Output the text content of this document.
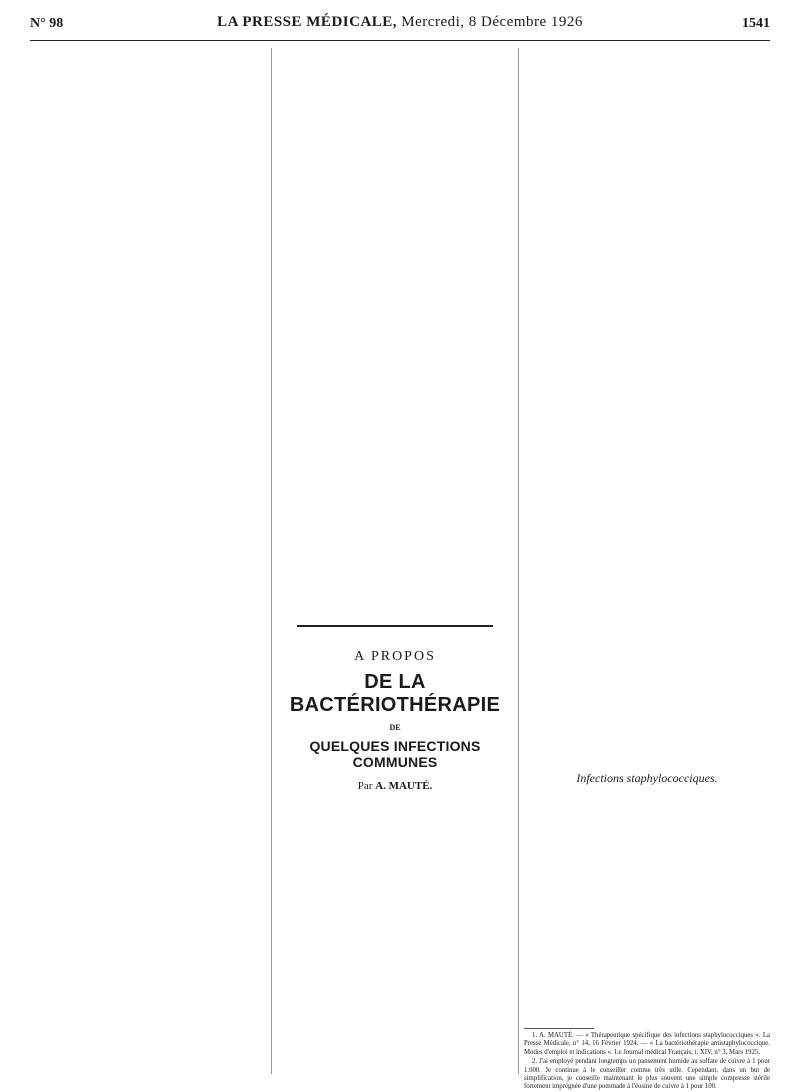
N° 98	LA PRESSE MÉDICALE, Mercredi, 8 Décembre 1926	1541
A PROPOS
DE LA BACTÉRIOTHÉRAPIE
DE
QUELQUES INFECTIONS COMMUNES
Par A. MAUTÉ.
Infections staphylococciques.

1. A. MAUTÉ. — « Thérapeutique spécifique des infections staphylococciques ». La Presse Médicale, n° 14, 16 Février 1924. — « La bactériothérapie antistaphylococcique. Modes d'emploi et indications ». Le Journal médical Français, t. XIV, n° 3, Mars 1925.

2. J'ai employé pendant longtemps un pansement humide au sulfate de cuivre à 1 pour 1.000. Je continue à le conseiller comme très utile. Cependant, dans un but de simplification, je conseille maintenant le plus souvent une simple compresse stérile fortement imprégnée d'une pommade à l'éosine de cuivre à 1 pour 100.
